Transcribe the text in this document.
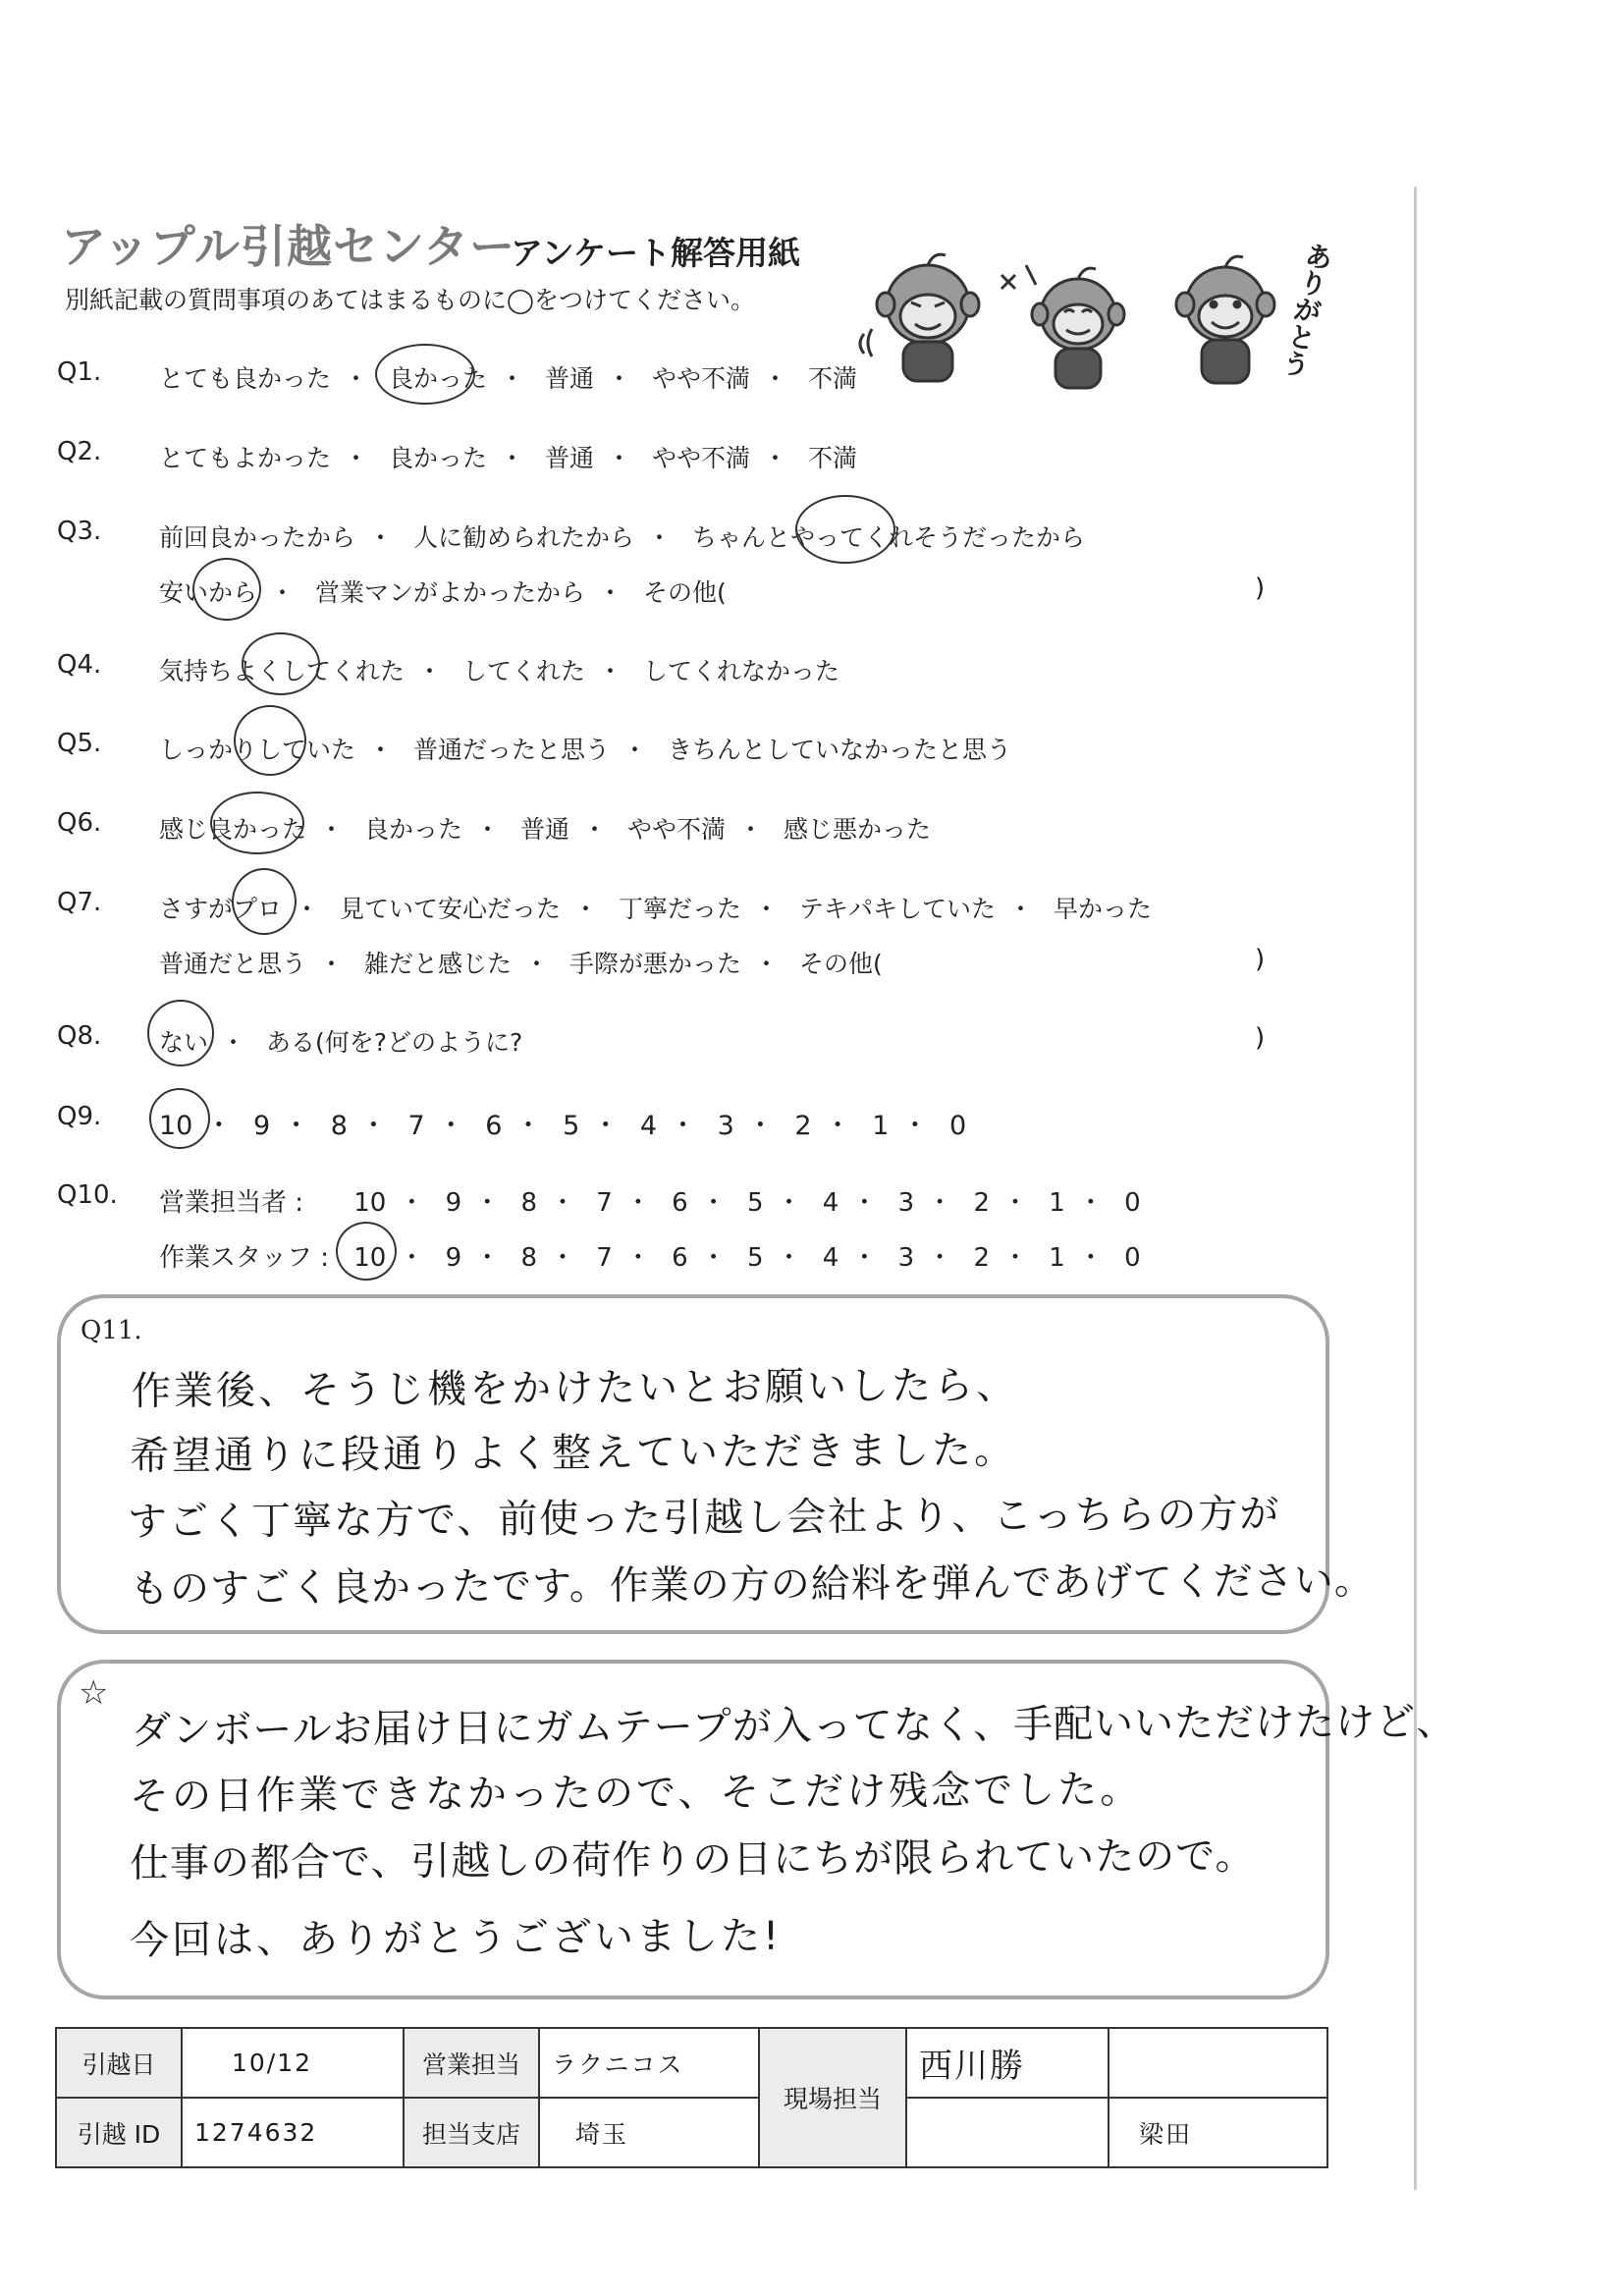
アップル引越センター
アンケート解答用紙
別紙記載の質問事項のあてはまるものに◯をつけてください。	ありがとう
Q1. とても良かった ・ 良かった ・ 普通 ・ やや不満 ・ 不満
Q2. とてもよかった ・ 良かった ・ 普通 ・ やや不満 ・ 不満
Q3. 前回良かったから ・ 人に勧められたから ・ ちゃんとやってくれそうだったから
安いから ・ 営業マンがよかったから ・ その他(	)
Q4. 気持ちよくしてくれた ・ してくれた ・ してくれなかった
Q5. しっかりしていた ・ 普通だったと思う ・ きちんとしていなかったと思う
Q6. 感じ良かった ・ 良かった ・ 普通 ・ やや不満 ・ 感じ悪かった
Q7. さすがプロ ・ 見ていて安心だった ・ 丁寧だった ・ テキパキしていた ・ 早かった
普通だと思う ・ 雑だと感じた ・ 手際が悪かった ・ その他(	)
Q8. ない ・ ある(何を?どのように?	)
Q9. 10 ・ 9 ・ 8 ・ 7 ・ 6 ・ 5 ・ 4 ・ 3 ・ 2 ・ 1 ・ 0
Q10. 営業担当者 : 10 ・ 9 ・ 8 ・ 7 ・ 6 ・ 5 ・ 4 ・ 3 ・ 2 ・ 1 ・ 0
作業スタッフ : 10 ・ 9 ・ 8 ・ 7 ・ 6 ・ 5 ・ 4 ・ 3 ・ 2 ・ 1 ・ 0
Q11.
作業後、そうじ機をかけたいとお願いしたら、
希望通りに段通りよく整えていただきました。
すごく丁寧な方で、前使った引越し会社より、こっちらの方が
ものすごく良かったです。作業の方の給料を弾んであげてください。
☆
ダンボールお届け日にガムテープが入ってなく、手配いいただけたけど、
その日作業できなかったので、そこだけ残念でした。
仕事の都合で、引越しの荷作りの日にちが限られていたので。
今回は、ありがとうございました!
引越日	10/12	営業担当	ラクニコス	現場担当	西川勝	
引越 ID	1274632	担当支店	埼玉			梁田
